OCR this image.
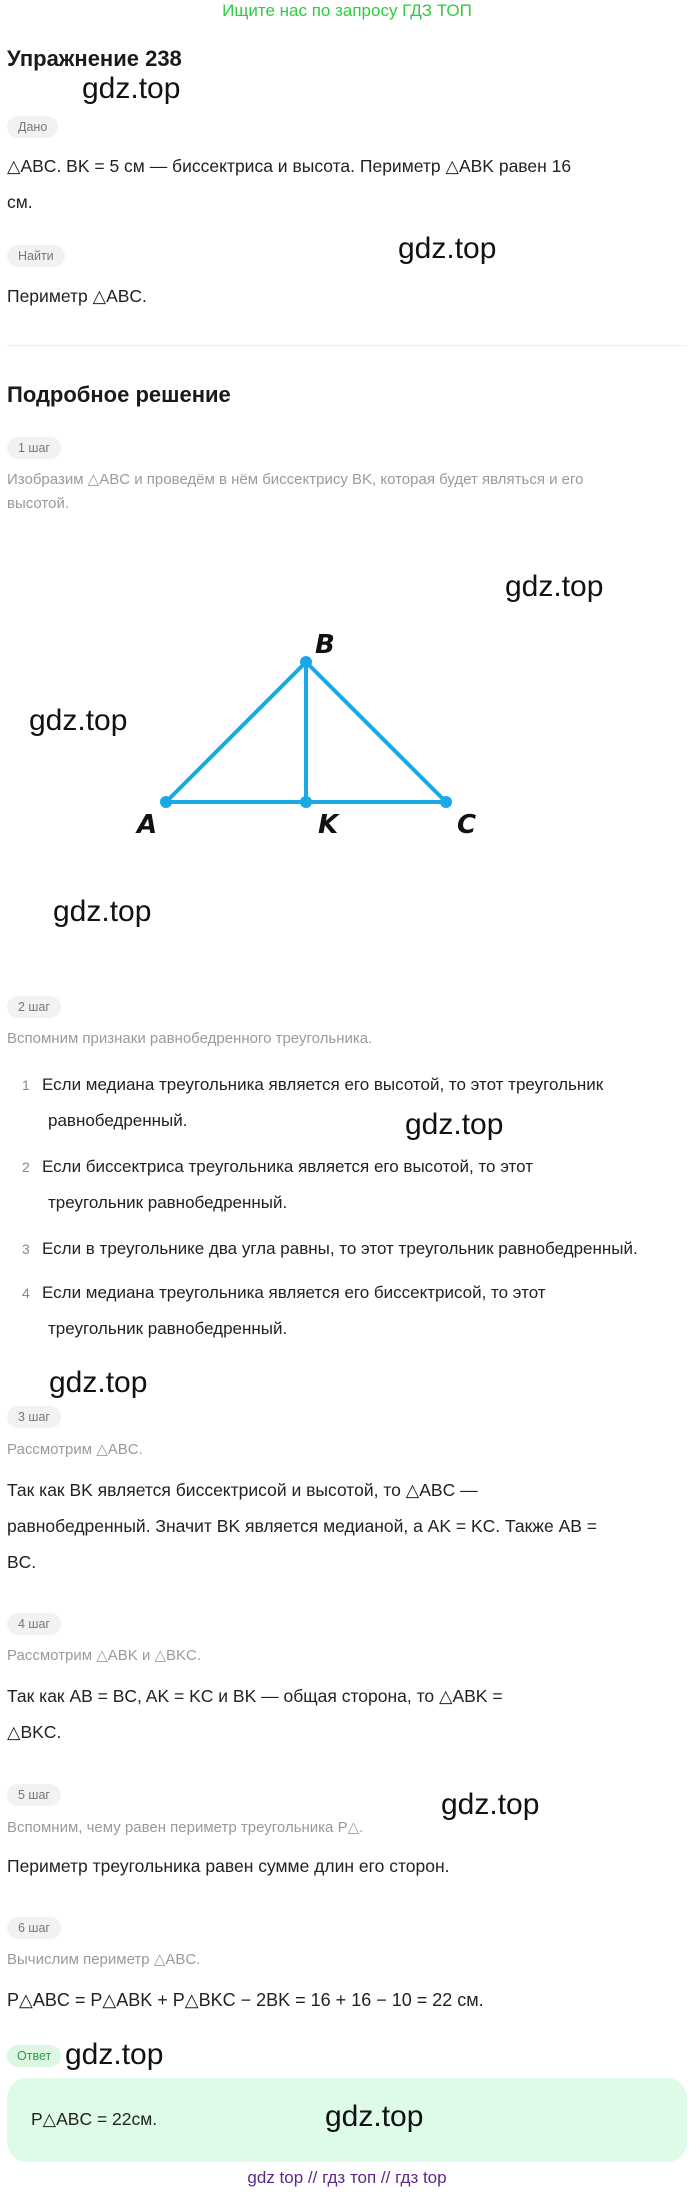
Ищите нас по запросу ГДЗ ТОП
Упражнение 238
gdz.top
Дано
△ABC. BK = 5 см — биссектриса и высота. Периметр △ABK равен 16
см.
Найти	gdz.top
Периметр △ABC.
Подробное решение
1 шаг
Изобразим △ABC и проведём в нём биссектрису BK, которая будет являться и его
высотой.
gdz.top
gdz.top
gdz.top
A
B
K	C
2 шаг
Вспомним признаки равнобедренного треугольника.
1 Если медиана треугольника является его высотой, то этот треугольник
равнобедренный.	gdz.top
2 Если биссектриса треугольника является его высотой, то этот
треугольник равнобедренный.
3 Если в треугольнике два угла равны, то этот треугольник равнобедренный.
4 Если медиана треугольника является его биссектрисой, то этот
треугольник равнобедренный.
gdz.top
3 шаг
Рассмотрим △ABC.
Так как BK является биссектрисой и высотой, то △ABC —
равнобедренный. Значит BK является медианой, а AK = KC. Также AB =
BC.
4 шаг
Рассмотрим △ABK и △BKC.
Так как AB = BC, AK = KC и BK — общая сторона, то △ABK =
△BKC.
5 шаг	gdz.top
Вспомним, чему равен периметр треугольника P△.
Периметр треугольника равен сумме длин его сторон.
6 шаг
Вычислим периметр △ABC.
P△ABC = P△ABK + P△BKC − 2BK = 16 + 16 − 10 = 22 см.
Ответ gdz.top
P△ABC = 22см.	gdz.top
gdz top // гдз топ // гдз top
